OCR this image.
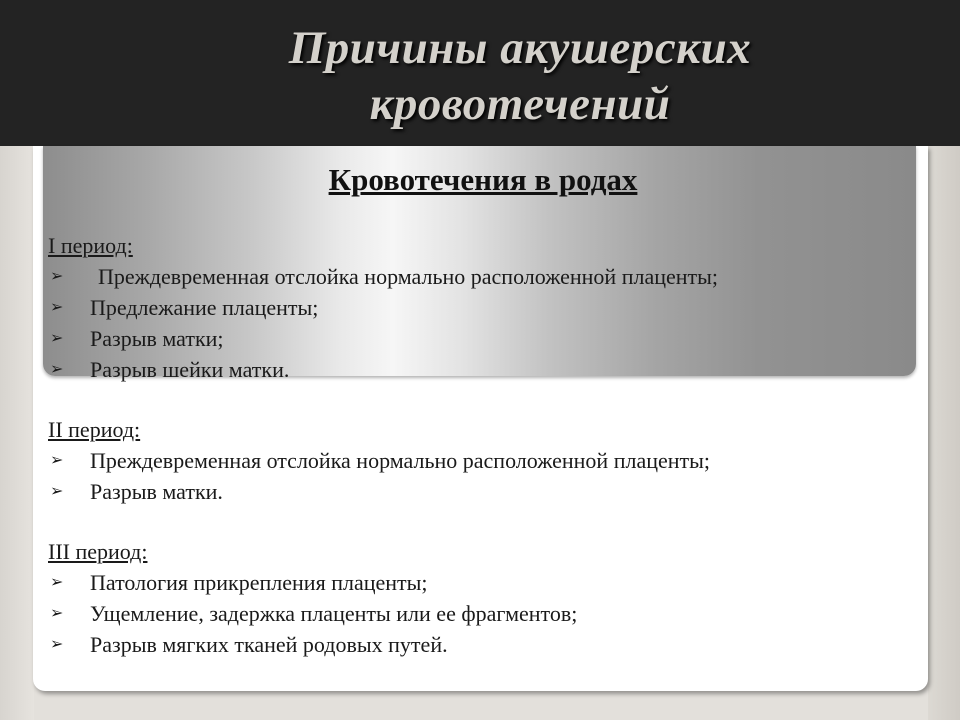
Причины акушерских
кровотечений
Кровотечения в родах

I период:

➢ Преждевременная отслойка нормально расположенной плаценты;
➢ Предлежание плаценты;
➢ Разрыв матки;
➢ Разрыв шейки матки.

II период:

➢ Преждевременная отслойка нормально расположенной плаценты;
➢ Разрыв матки.

III период:

➢ Патология прикрепления плаценты;
➢ Ущемление, задержка плаценты или ее фрагментов;
➢ Разрыв мягких тканей родовых путей.
